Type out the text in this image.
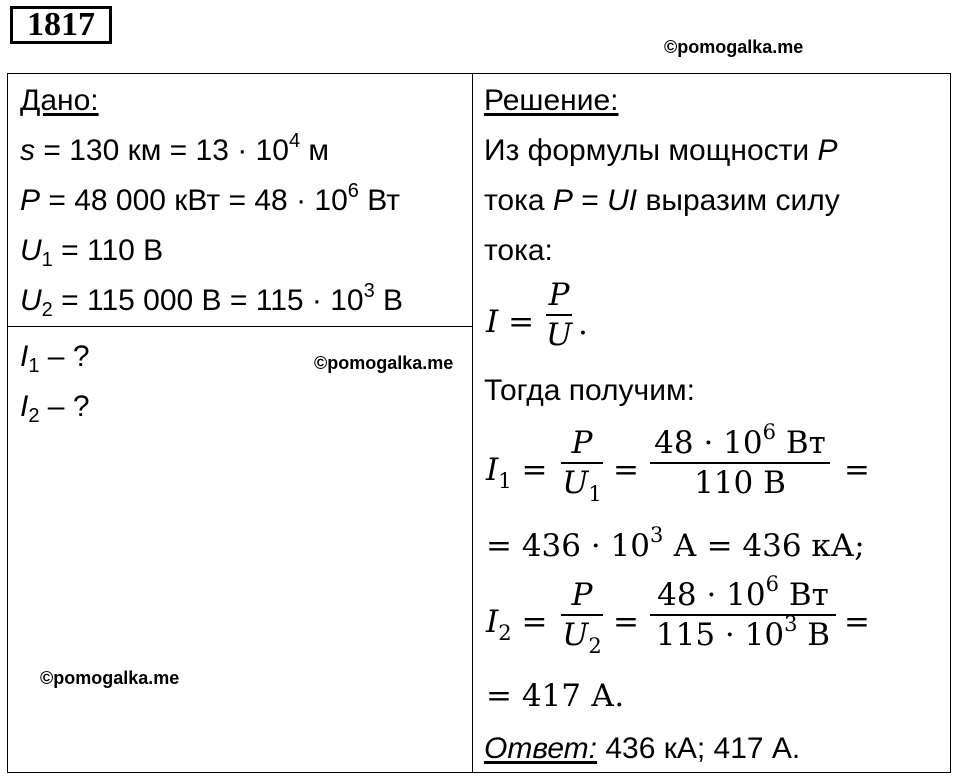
1817
©pomogalka.me
Дано:
s = 130 км = $13 \cdot 10^4$ м
P = 48 000 кВт = $48 \cdot 10^6$ Вт
$U_1 = 110$ В
$U_2 = 115$ 000 $В = 115 \cdot 10^3$ В
$I_1$ – ?
$I_2$ – ?
©pomogalka.me
©pomogalka.me
Решение:
Из формулы мощности P
тока P = UI выразим силу
тока:
$I = \frac{P}{U}$ .
Тогда получим:
$I_1 = \frac{P}{U_1}$ =
$48 \cdot 10^6$ Вт
110 В	=
= $436 \cdot 10^3$ А = 436 кА;
$I_2 = \frac{P}{U_2}$ =
$48 \cdot 10^6$ Вт
$115 \cdot 10^3$ В =
= 417 А.
Ответ: 436 кА; 417 А.
